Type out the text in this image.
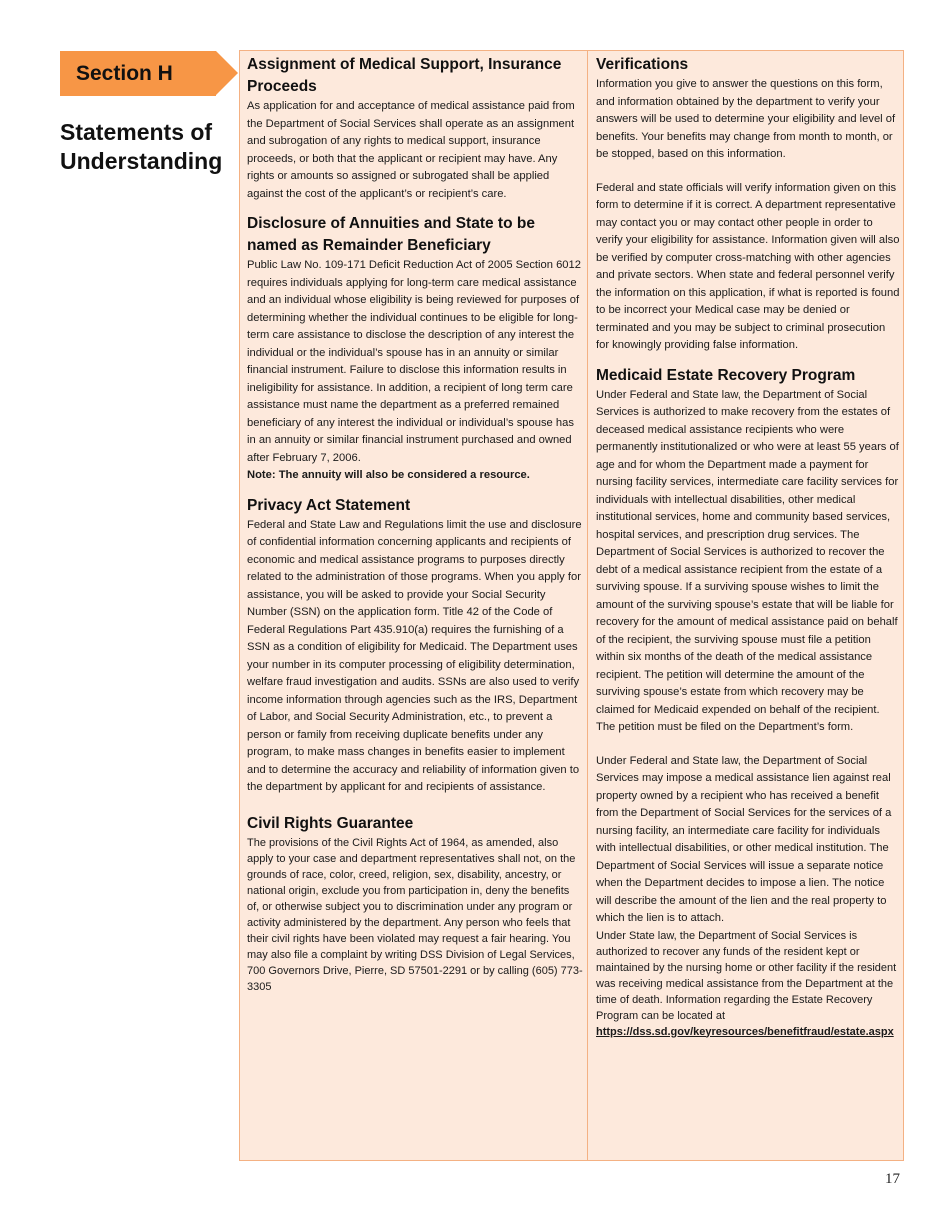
Section H
Statements of Understanding
Assignment of Medical Support, Insurance Proceeds

As application for and acceptance of medical assistance paid from the Department of Social Services shall operate as an assignment and subrogation of any rights to medical support, insurance proceeds, or both that the applicant or recipient may have. Any rights or amounts so assigned or subrogated shall be applied against the cost of the applicant’s or recipient’s care.

Disclosure of Annuities and State to be named as Remainder Beneficiary

Public Law No. 109-171 Deficit Reduction Act of 2005 Section 6012 requires individuals applying for long-term care medical assistance and an individual whose eligibility is being reviewed for purposes of determining whether the individual continues to be eligible for long-term care assistance to disclose the description of any interest the individual or the individual’s spouse has in an annuity or similar financial instrument. Failure to disclose this information results in ineligibility for assistance. In addition, a recipient of long term care assistance must name the department as a preferred remained beneficiary of any interest the individual or individual’s spouse has in an annuity or similar financial instrument purchased and owned after February 7, 2006.

Note: The annuity will also be considered a resource.

Privacy Act Statement

Federal and State Law and Regulations limit the use and disclosure of confidential information concerning applicants and recipients of economic and medical assistance programs to purposes directly related to the administration of those programs. When you apply for assistance, you will be asked to provide your Social Security Number (SSN) on the application form. Title 42 of the Code of

Federal Regulations Part 435.910(a) requires the furnishing of a SSN as a condition of eligibility for Medicaid. The Department uses your number in its computer processing of eligibility determination, welfare fraud investigation and audits. SSNs are also used to verify income information through agencies such as the IRS, Department of Labor, and Social Security Administration, etc., to prevent a person or family from receiving duplicate benefits under any program, to make mass changes in benefits easier to implement and to determine the accuracy and reliability of information given to the department by applicant for and recipients of assistance.

Civil Rights Guarantee

The provisions of the Civil Rights Act of 1964, as amended, also apply to your case and department representatives shall not, on the grounds of race, color, creed, religion, sex, disability, ancestry, or national origin, exclude you from participation in, deny the benefits of, or otherwise subject you to discrimination under any program or activity administered by the department. Any person who feels that their civil rights have been violated may request a fair hearing. You may also file a complaint by writing DSS Division of Legal Services, 700 Governors Drive, Pierre, SD 57501-2291 or by calling (605) 773-3305

Verifications

Information you give to answer the questions on this form, and information obtained by the department to verify your answers will be used to determine your eligibility and level of benefits. Your benefits may change from month to month, or be stopped, based on this information.

Federal and state officials will verify information given on this form to determine if it is correct. A department representative may contact you or may contact other people in order to verify your eligibility for assistance. Information given will also be verified by computer cross-matching with other agencies and private sectors. When state and federal personnel verify the information on this application, if what is reported is found to be incorrect your Medical case may be denied or terminated and you may be subject to criminal prosecution for knowingly providing false information.

Medicaid Estate Recovery Program

Under Federal and State law, the Department of Social Services is authorized to make recovery from the estates of deceased medical assistance recipients who were permanently institutionalized or who were at least 55 years of age and for whom the Department made a payment for nursing facility services, intermediate care facility services for individuals with intellectual disabilities, other medical institutional services, home and community based services, hospital services, and prescription drug services. The Department of Social Services is authorized to recover the debt of a medical assistance recipient from the estate of a surviving spouse. If a surviving spouse wishes to limit the amount of the surviving spouse’s estate that will be liable for recovery for the amount of medical assistance paid on behalf of the recipient, the surviving spouse must file a petition within six months of the death of the medical assistance recipient. The petition will determine the amount of the surviving spouse’s estate from which recovery may be claimed for Medicaid expended on behalf of the recipient. The petition must be filed on the Department’s form.

Under Federal and State law, the Department of Social Services may impose a medical assistance lien against real property owned by a recipient who has received a benefit from the Department of Social Services for the services of a nursing facility, an intermediate care facility for individuals with intellectual disabilities, or other medical institution. The Department of Social Services will issue a separate notice when the Department decides to impose a lien. The notice will describe the amount of the lien and the real property to which the lien is to attach.

Under State law, the Department of Social Services is authorized to recover any funds of the resident kept or maintained by the nursing home or other facility if the resident was receiving medical assistance from the Department at the time of death. Information regarding the Estate Recovery Program can be located at

https://dss.sd.gov/keyresources/benefitfraud/estate.aspx

17
